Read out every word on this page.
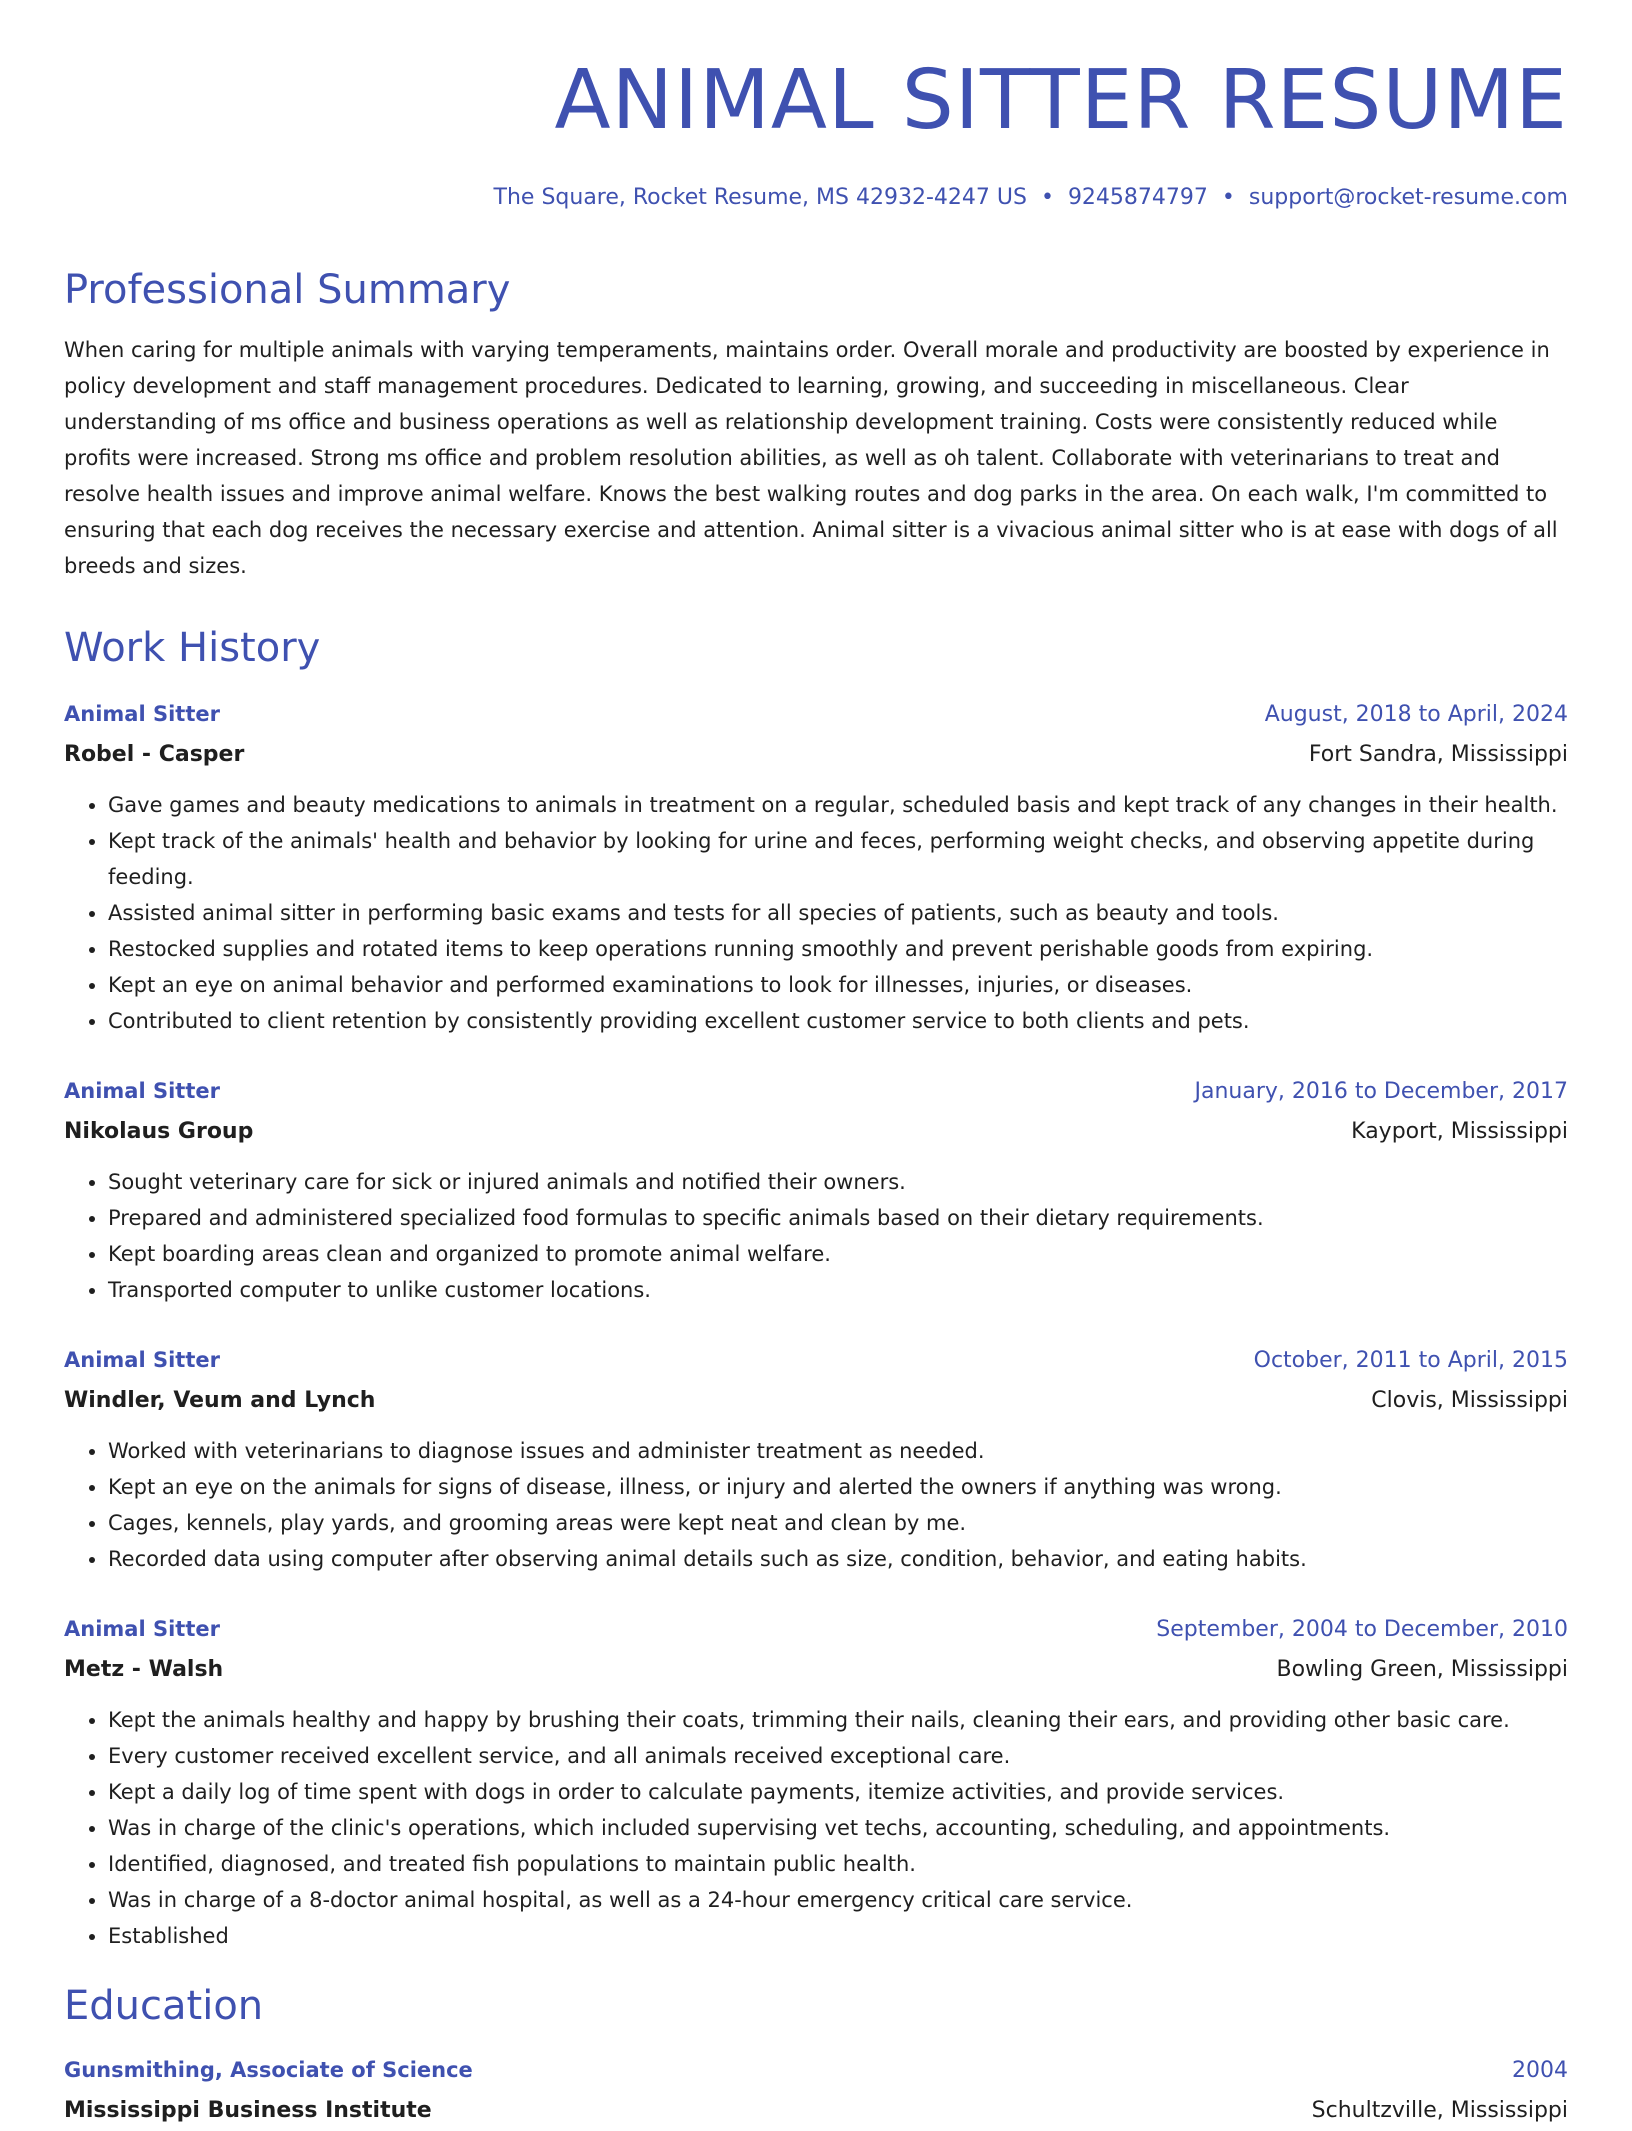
ANIMAL SITTER RESUME
The Square, Rocket Resume, MS 42932-4247 US • 9245874797 • support@rocket-resume.com
Professional Summary

When caring for multiple animals with varying temperaments, maintains order. Overall morale and productivity are boosted by experience in policy development and staff management procedures. Dedicated to learning, growing, and succeeding in miscellaneous. Clear understanding of ms office and business operations as well as relationship development training. Costs were consistently reduced while profits were increased. Strong ms office and problem resolution abilities, as well as oh talent. Collaborate with veterinarians to treat and resolve health issues and improve animal welfare. Knows the best walking routes and dog parks in the area. On each walk, I'm committed to ensuring that each dog receives the necessary exercise and attention. Animal sitter is a vivacious animal sitter who is at ease with dogs of all breeds and sizes.

Work History
Animal Sitter	August, 2018 to April, 2024
Robel - Casper	Fort Sandra, Mississippi
• Gave games and beauty medications to animals in treatment on a regular, scheduled basis and kept track of any changes in their health.
• Kept track of the animals' health and behavior by looking for urine and feces, performing weight checks, and observing appetite during feeding.
• Assisted animal sitter in performing basic exams and tests for all species of patients, such as beauty and tools.
• Restocked supplies and rotated items to keep operations running smoothly and prevent perishable goods from expiring.
• Kept an eye on animal behavior and performed examinations to look for illnesses, injuries, or diseases.
• Contributed to client retention by consistently providing excellent customer service to both clients and pets.
Animal Sitter	January, 2016 to December, 2017
Nikolaus Group	Kayport, Mississippi
• Sought veterinary care for sick or injured animals and notified their owners.
• Prepared and administered specialized food formulas to specific animals based on their dietary requirements.
• Kept boarding areas clean and organized to promote animal welfare.
• Transported computer to unlike customer locations.
Animal Sitter	October, 2011 to April, 2015
Windler, Veum and Lynch	Clovis, Mississippi
• Worked with veterinarians to diagnose issues and administer treatment as needed.
• Kept an eye on the animals for signs of disease, illness, or injury and alerted the owners if anything was wrong.
• Cages, kennels, play yards, and grooming areas were kept neat and clean by me.
• Recorded data using computer after observing animal details such as size, condition, behavior, and eating habits.
Animal Sitter	September, 2004 to December, 2010
Metz - Walsh	Bowling Green, Mississippi
• Kept the animals healthy and happy by brushing their coats, trimming their nails, cleaning their ears, and providing other basic care.
• Every customer received excellent service, and all animals received exceptional care.
• Kept a daily log of time spent with dogs in order to calculate payments, itemize activities, and provide services.
• Was in charge of the clinic's operations, which included supervising vet techs, accounting, scheduling, and appointments.
• Identified, diagnosed, and treated fish populations to maintain public health.
• Was in charge of a 8-doctor animal hospital, as well as a 24-hour emergency critical care service.
• Established
Education
Gunsmithing, Associate of Science	2004
Mississippi Business Institute	Schultzville, Mississippi
